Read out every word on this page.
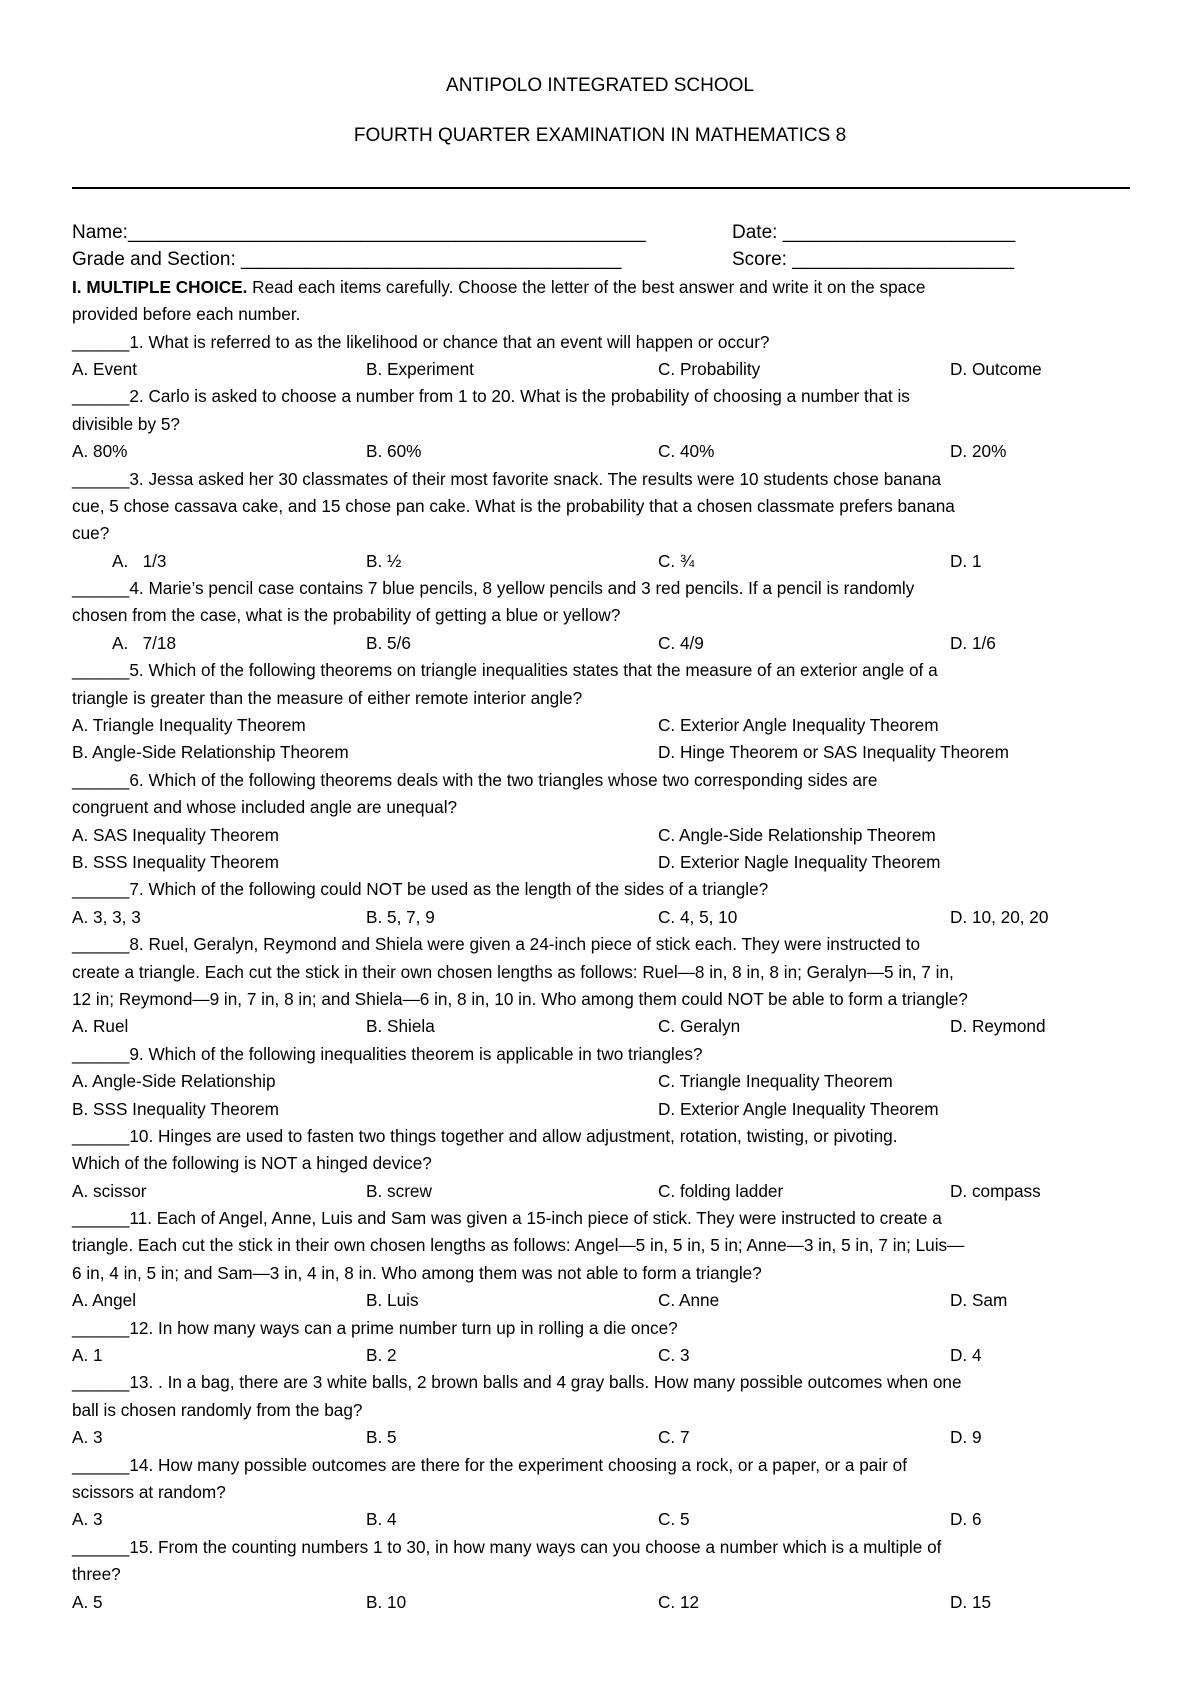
ANTIPOLO INTEGRATED SCHOOL
FOURTH QUARTER EXAMINATION IN MATHEMATICS 8
Name:_________________________________________________	Date: ______________________
Grade and Section: ____________________________________	Score: _____________________
I. MULTIPLE CHOICE. Read each items carefully. Choose the letter of the best answer and write it on the space
provided before each number.
______1. What is referred to as the likelihood or chance that an event will happen or occur?
A. Event	B. Experiment	C. Probability	D. Outcome
______2. Carlo is asked to choose a number from 1 to 20. What is the probability of choosing a number that is
divisible by 5?
A. 80%	B. 60%	C. 40%	D. 20%
______3. Jessa asked her 30 classmates of their most favorite snack. The results were 10 students chose banana
cue, 5 chose cassava cake, and 15 chose pan cake. What is the probability that a chosen classmate prefers banana
cue?
A.   1/3	B. ½	C. ¾	D. 1
______4. Marie’s pencil case contains 7 blue pencils, 8 yellow pencils and 3 red pencils. If a pencil is randomly
chosen from the case, what is the probability of getting a blue or yellow?
A.   7/18	B. 5/6	C. 4/9	D. 1/6
______5. Which of the following theorems on triangle inequalities states that the measure of an exterior angle of a
triangle is greater than the measure of either remote interior angle?
A. Triangle Inequality Theorem	C. Exterior Angle Inequality Theorem
B. Angle-Side Relationship Theorem	D. Hinge Theorem or SAS Inequality Theorem
______6. Which of the following theorems deals with the two triangles whose two corresponding sides are
congruent and whose included angle are unequal?
A. SAS Inequality Theorem	C. Angle-Side Relationship Theorem
B. SSS Inequality Theorem	D. Exterior Nagle Inequality Theorem
______7. Which of the following could NOT be used as the length of the sides of a triangle?
A. 3, 3, 3	B. 5, 7, 9	C. 4, 5, 10	D. 10, 20, 20
______8. Ruel, Geralyn, Reymond and Shiela were given a 24-inch piece of stick each. They were instructed to
create a triangle. Each cut the stick in their own chosen lengths as follows: Ruel—8 in, 8 in, 8 in; Geralyn—5 in, 7 in,
12 in; Reymond—9 in, 7 in, 8 in; and Shiela—6 in, 8 in, 10 in. Who among them could NOT be able to form a triangle?
A. Ruel	B. Shiela	C. Geralyn	D. Reymond
______9. Which of the following inequalities theorem is applicable in two triangles?
A. Angle-Side Relationship	C. Triangle Inequality Theorem
B. SSS Inequality Theorem	D. Exterior Angle Inequality Theorem
______10. Hinges are used to fasten two things together and allow adjustment, rotation, twisting, or pivoting.
Which of the following is NOT a hinged device?
A. scissor	B. screw	C. folding ladder	D. compass
______11. Each of Angel, Anne, Luis and Sam was given a 15-inch piece of stick. They were instructed to create a
triangle. Each cut the stick in their own chosen lengths as follows: Angel—5 in, 5 in, 5 in; Anne—3 in, 5 in, 7 in; Luis—
6 in, 4 in, 5 in; and Sam—3 in, 4 in, 8 in. Who among them was not able to form a triangle?
A. Angel	B. Luis	C. Anne	D. Sam
______12. In how many ways can a prime number turn up in rolling a die once?
A. 1	B. 2	C. 3	D. 4
______13. . In a bag, there are 3 white balls, 2 brown balls and 4 gray balls. How many possible outcomes when one
ball is chosen randomly from the bag?
A. 3	B. 5	C. 7	D. 9
______14. How many possible outcomes are there for the experiment choosing a rock, or a paper, or a pair of
scissors at random?
A. 3	B. 4	C. 5	D. 6
______15. From the counting numbers 1 to 30, in how many ways can you choose a number which is a multiple of
three?
A. 5	B. 10	C. 12	D. 15
